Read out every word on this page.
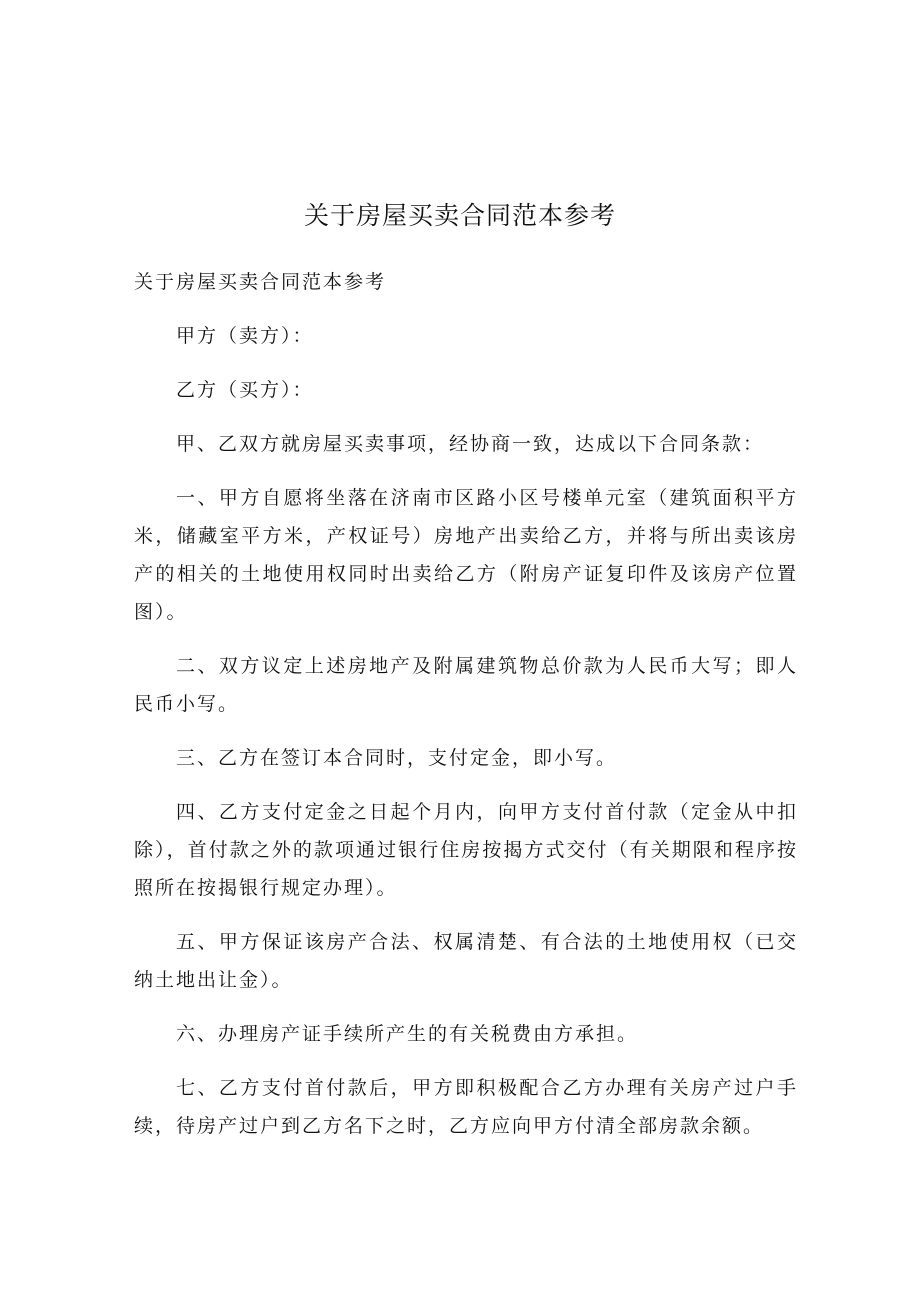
关于房屋买卖合同范本参考

关于房屋买卖合同范本参考

甲方（卖方）：

乙方（买方）：

甲、乙双方就房屋买卖事项，经协商一致，达成以下合同条款：

一、甲方自愿将坐落在济南市区路小区号楼单元室（建筑面积平方米，储藏室平方米，产权证号）房地产出卖给乙方，并将与所出卖该房产的相关的土地使用权同时出卖给乙方（附房产证复印件及该房产位置图）。

二、双方议定上述房地产及附属建筑物总价款为人民币大写；即人民币小写。

三、乙方在签订本合同时，支付定金，即小写。

四、乙方支付定金之日起个月内，向甲方支付首付款（定金从中扣除），首付款之外的款项通过银行住房按揭方式交付（有关期限和程序按照所在按揭银行规定办理）。

五、甲方保证该房产合法、权属清楚、有合法的土地使用权（已交纳土地出让金）。

六、办理房产证手续所产生的有关税费由方承担。

七、乙方支付首付款后，甲方即积极配合乙方办理有关房产过户手续，待房产过户到乙方名下之时，乙方应向甲方付清全部房款余额。
